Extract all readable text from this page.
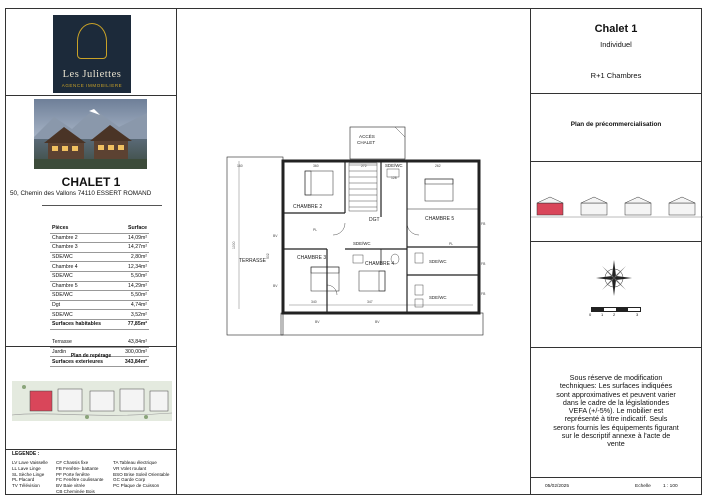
Les Juliettes
AGENCE IMMOBILIERE
CHALET 1
50, Chemin des Vallons 74110 ESSERT ROMAND
Pièces	Surface
Chambre 2	14,09m²
Chambre 3	14,27m²
SDE/WC	2,80m²
Chambre 4	12,34m²
SDE/WC	5,50m²
Chambre 5	14,29m²
SDE/WC	5,50m²
Dgt	4,74m²
SDE/WC	3,52m²
Surfaces habitables	77,85m²

Terrasse	43,84m²
Jardin	300,00m²
Surfaces exterieures	343,84m²
Plan de repérage
LEGENDE :
LV Lave Vaisselle
LL Lave Linge
SL Sèche Linge
PL Placard
TV Télévision
CF Chassis fixe
FB Fenêtre- battante
PF Porte fenêtre
FC Fenêtre coulissante
BV Baie vitrée
CB Cheminée Bois
TA Tableau électrique
VR Volet roulant
BSO Brise Soleil Orientable
GC Garde Corp
PC Plaque de Cuisson
CHAMBRE 2
CHAMBRE 3
CHAMBRE 4
CHAMBRE 5
DGT
TERRASSE
SDE/WC
SDE/WC
SDE/WC
SDE/WC
ACCÈS
CHALET
BV
BV
BV	BV
FB
FB
FB
PL
PL
360	272
128
262
340	347
160
1000
502
Chalet 1
Individuel
R+1 Chambres
Plan de précommercialisation
0 1 2	3
Sous réserve de modification techniques: Les surfaces indiquées sont approximatives et peuvent varier dans le cadre de la législationdes VEFA (+/-5%). Le mobilier est représenté à titre indicatif. Seuls serons fournis les équipements figurant sur le descriptif annexe à l'acte de vente
05/02/2025	Echelle	1 : 100
